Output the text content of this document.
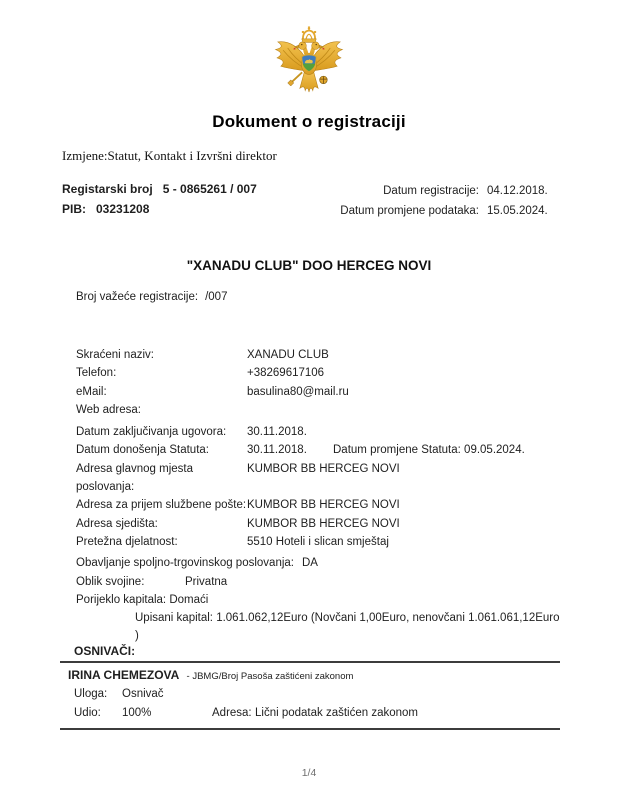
Dokument o registraciji
Izmjene:Statut, Kontakt i Izvršni direktor
Registarski broj 5 - 0865261 / 007
PIB: 03231208
Datum registracije: 04.12.2018.
Datum promjene podataka: 15.05.2024.
"XANADU CLUB" DOO HERCEG NOVI
Broj važeće registracije: /007
Skraćeni naziv:	XANADU CLUB
Telefon:	+38269617106
eMail:	basulina80@mail.ru
Web adresa:
Datum zaključivanja ugovora:	30.11.2018.
Datum donošenja Statuta:	30.11.2018. Datum promjene Statuta: 09.05.2024.
Adresa glavnog mjesta poslovanja:
KUMBOR BB HERCEG NOVI
Adresa za prijem službene pošte: KUMBOR BB HERCEG NOVI
Adresa sjedišta:	KUMBOR BB HERCEG NOVI
Pretežna djelatnost:	5510 Hoteli i slican smještaj
Obavljanje spoljno-trgovinskog poslovanja: DA
Oblik svojine:	Privatna
Porijeklo kapitala: Domaći
Upisani kapital: 1.061.062,12Euro (Novčani 1,00Euro, nenovčani 1.061.061,12Euro )
OSNIVAČI:
IRINA CHEMEZOVA - JBMG/Broj Pasoša zaštićeni zakonom
Uloga:	Osnivač
Udio:	100%	Adresa: Lični podatak zaštićen zakonom
1/4
